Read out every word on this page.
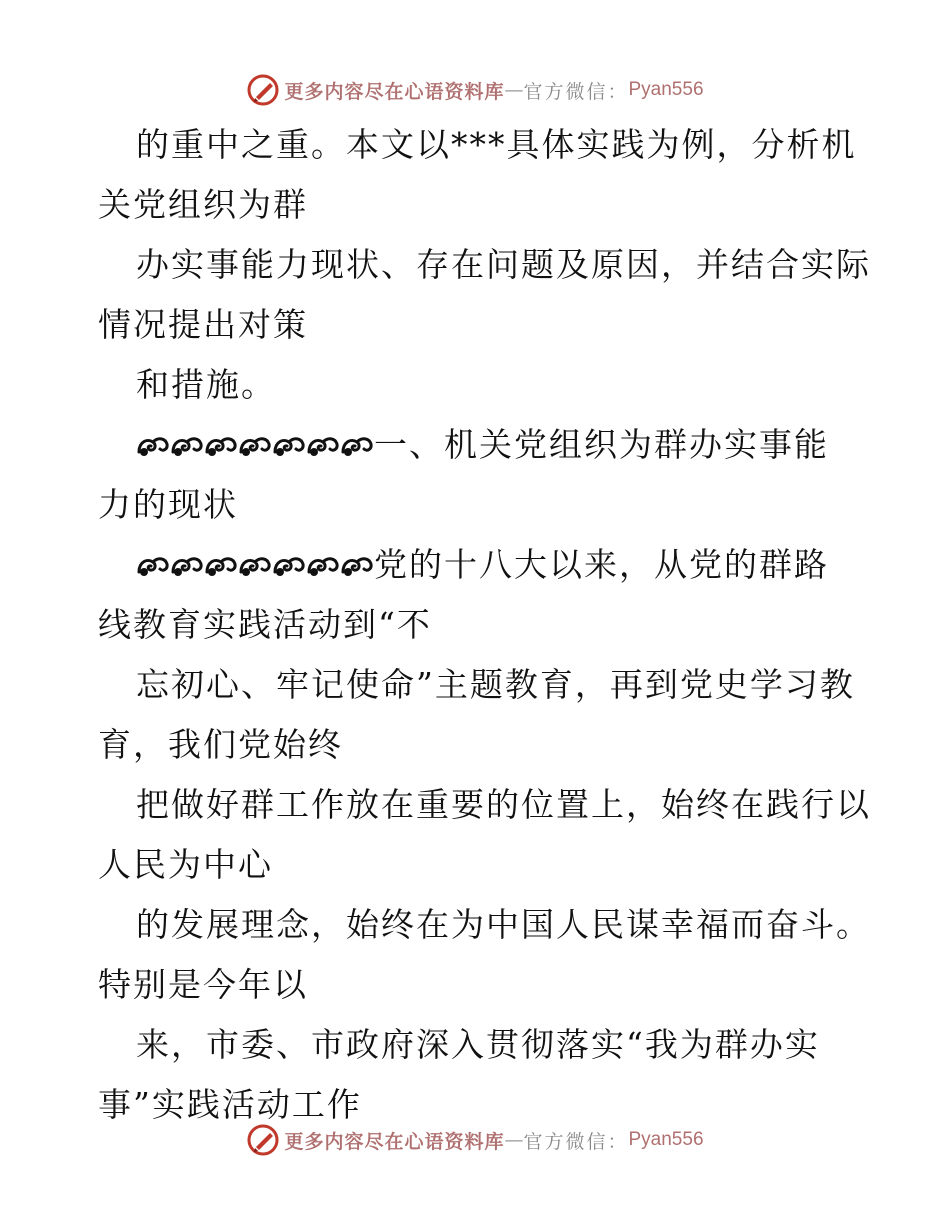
更多内容尽在心语资料库 — 官方微信： Pyan556
的重中之重。本文以***具体实践为例，分析机
关党组织为群
办实事能力现状、存在问题及原因，并结合实际
情况提出对策
和措施。
一、机关党组织为群办实事能
力的现状
党的十八大以来，从党的群路
线教育实践活动到“不
忘初心、牢记使命”主题教育，再到党史学习教
育，我们党始终
把做好群工作放在重要的位置上，始终在践行以
人民为中心
的发展理念，始终在为中国人民谋幸福而奋斗。
特别是今年以
来，市委、市政府深入贯彻落实“我为群办实
事”实践活动工作
更多内容尽在心语资料库 — 官方微信： Pyan556
